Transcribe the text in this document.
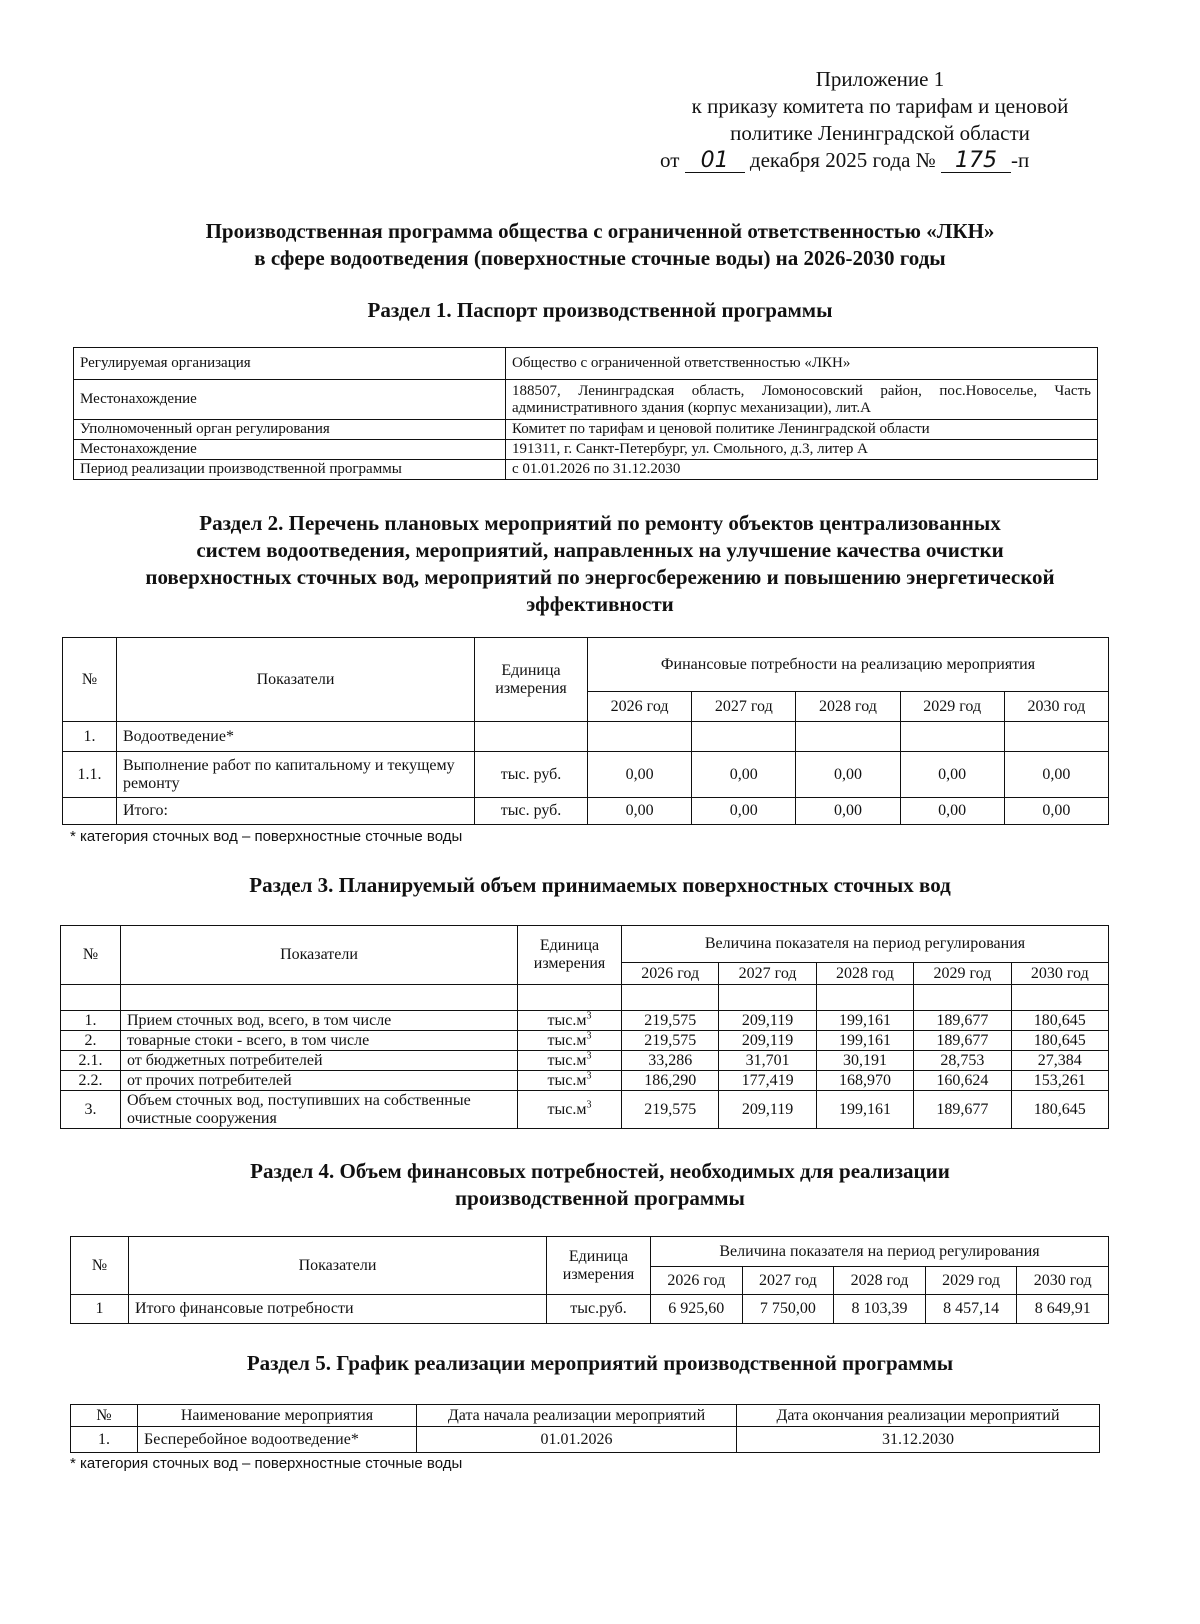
Приложение 1
к приказу комитета по тарифам и ценовой
политике Ленинградской области
от 01 декабря 2025 года № 175 -п
Производственная программа общества с ограниченной ответственностью «ЛКН»
в сфере водоотведения (поверхностные сточные воды) на 2026-2030 годы
Раздел 1. Паспорт производственной программы
Регулируемая организация	Общество с ограниченной ответственностью «ЛКН»
Местонахождение	188507, Ленинградская область, Ломоносовский район, пос.Новоселье, Часть административного здания (корпус механизации), лит.А
Уполномоченный орган регулирования	Комитет по тарифам и ценовой политике Ленинградской области
Местонахождение	191311, г. Санкт-Петербург, ул. Смольного, д.3, литер А
Период реализации производственной программы	с 01.01.2026 по 31.12.2030
Раздел 2. Перечень плановых мероприятий по ремонту объектов централизованных
систем водоотведения, мероприятий, направленных на улучшение качества очистки
поверхностных сточных вод, мероприятий по энергосбережению и повышению энергетической
эффективности
№	Показатели	Единица измерения	Финансовые потребности на реализацию мероприятия				
			2026 год	2027 год	2028 год	2029 год	2030 год
1.	Водоотведение*						
1.1.	Выполнение работ по капитальному и текущему ремонту	тыс. руб.	0,00	0,00	0,00	0,00	0,00
	Итого:	тыс. руб.	0,00	0,00	0,00	0,00	0,00
* категория сточных вод – поверхностные сточные воды
Раздел 3. Планируемый объем принимаемых поверхностных сточных вод
№	Показатели	Единица измерения	Величина показателя на период регулирования				
			2026 год	2027 год	2028 год	2029 год	2030 год

1.	Прием сточных вод, всего, в том числе	$тыс.м^3$	219,575	209,119	199,161	189,677	180,645
2.	товарные стоки - всего, в том числе	$тыс.м^3$	219,575	209,119	199,161	189,677	180,645
2.1.	от бюджетных потребителей	$тыс.м^3$	33,286	31,701	30,191	28,753	27,384
2.2.	от прочих потребителей	$тыс.м^3$	186,290	177,419	168,970	160,624	153,261
3.	Объем сточных вод, поступивших на собственные очистные сооружения	$тыс.м^3$	219,575	209,119	199,161	189,677	180,645
Раздел 4. Объем финансовых потребностей, необходимых для реализации
производственной программы
№	Показатели	Единица измерения	Величина показателя на период регулирования				
			2026 год	2027 год	2028 год	2029 год	2030 год
1	Итого финансовые потребности	тыс.руб.	6 925,60	7 750,00	8 103,39	8 457,14	8 649,91
Раздел 5. График реализации мероприятий производственной программы
№	Наименование мероприятия	Дата начала реализации мероприятий	Дата окончания реализации мероприятий
1.	Бесперебойное водоотведение*	01.01.2026	31.12.2030
* категория сточных вод – поверхностные сточные воды
